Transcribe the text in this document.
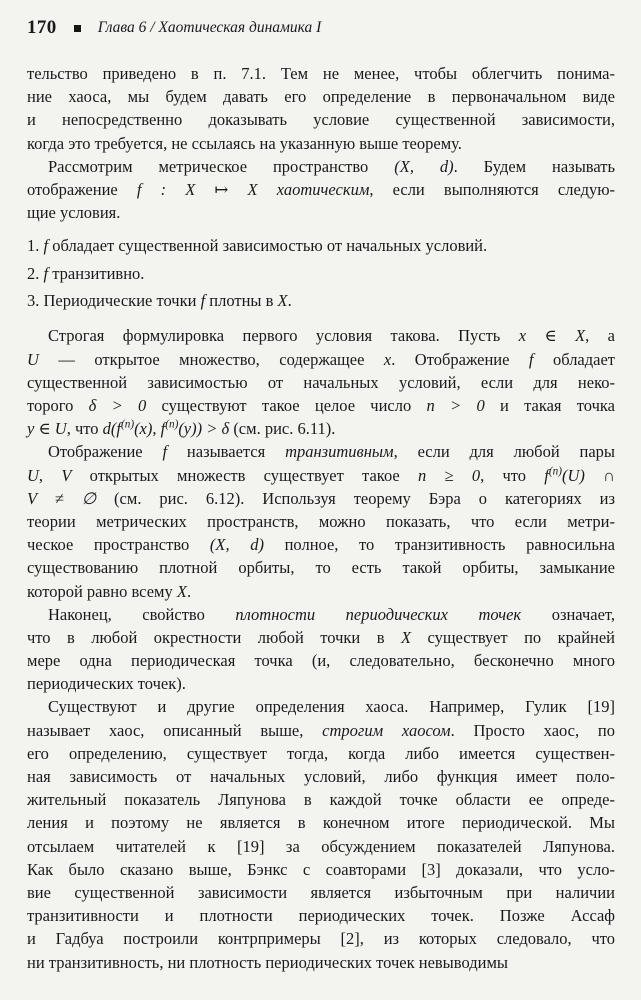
170	Глава 6 / Хаотическая динамика I
тельство приведено в п. 7.1. Тем не менее, чтобы облегчить понима-
ние хаоса, мы будем давать его определение в первоначальном виде
и непосредственно доказывать условие существенной зависимости,
когда это требуется, не ссылаясь на указанную выше теорему.
Рассмотрим метрическое пространство (X, d). Будем называть
отображение f : X ↦ X хаотическим, если выполняются следую-
щие условия.
1. f обладает существенной зависимостью от начальных условий.
2. f транзитивно.
3. Периодические точки f плотны в X.
Строгая формулировка первого условия такова. Пусть x ∈ X, а
U — открытое множество, содержащее x. Отображение f обладает
существенной зависимостью от начальных условий, если для неко-
торого δ > 0 существуют такое целое число n > 0 и такая точка
y ∈ U, что $d(f^{(n)}(x)$, $f^{(n)}(y)) > \delta$ (см. рис. 6.11).
Отображение f называется транзитивным, если для любой пары
U, V открытых множеств существует такое n ≥ 0, что $f^{(n)}(U)$ ∩
V ≠ ∅ (см. рис. 6.12). Используя теорему Бэра о категориях из
теории метрических пространств, можно показать, что если метри-
ческое пространство (X, d) полное, то транзитивность равносильна
существованию плотной орбиты, то есть такой орбиты, замыкание
которой равно всему X.
Наконец, свойство плотности периодических точек означает,
что в любой окрестности любой точки в X существует по крайней
мере одна периодическая точка (и, следовательно, бесконечно много
периодических точек).
Существуют и другие определения хаоса. Например, Гулик [19]
называет хаос, описанный выше, строгим хаосом. Просто хаос, по
его определению, существует тогда, когда либо имеется существен-
ная зависимость от начальных условий, либо функция имеет поло-
жительный показатель Ляпунова в каждой точке области ее опреде-
ления и поэтому не является в конечном итоге периодической. Мы
отсылаем читателей к [19] за обсуждением показателей Ляпунова.
Как было сказано выше, Бэнкс с соавторами [3] доказали, что усло-
вие существенной зависимости является избыточным при наличии
транзитивности и плотности периодических точек. Позже Ассаф
и Гадбуа построили контрпримеры [2], из которых следовало, что
ни транзитивность, ни плотность периодических точек невыводимы
